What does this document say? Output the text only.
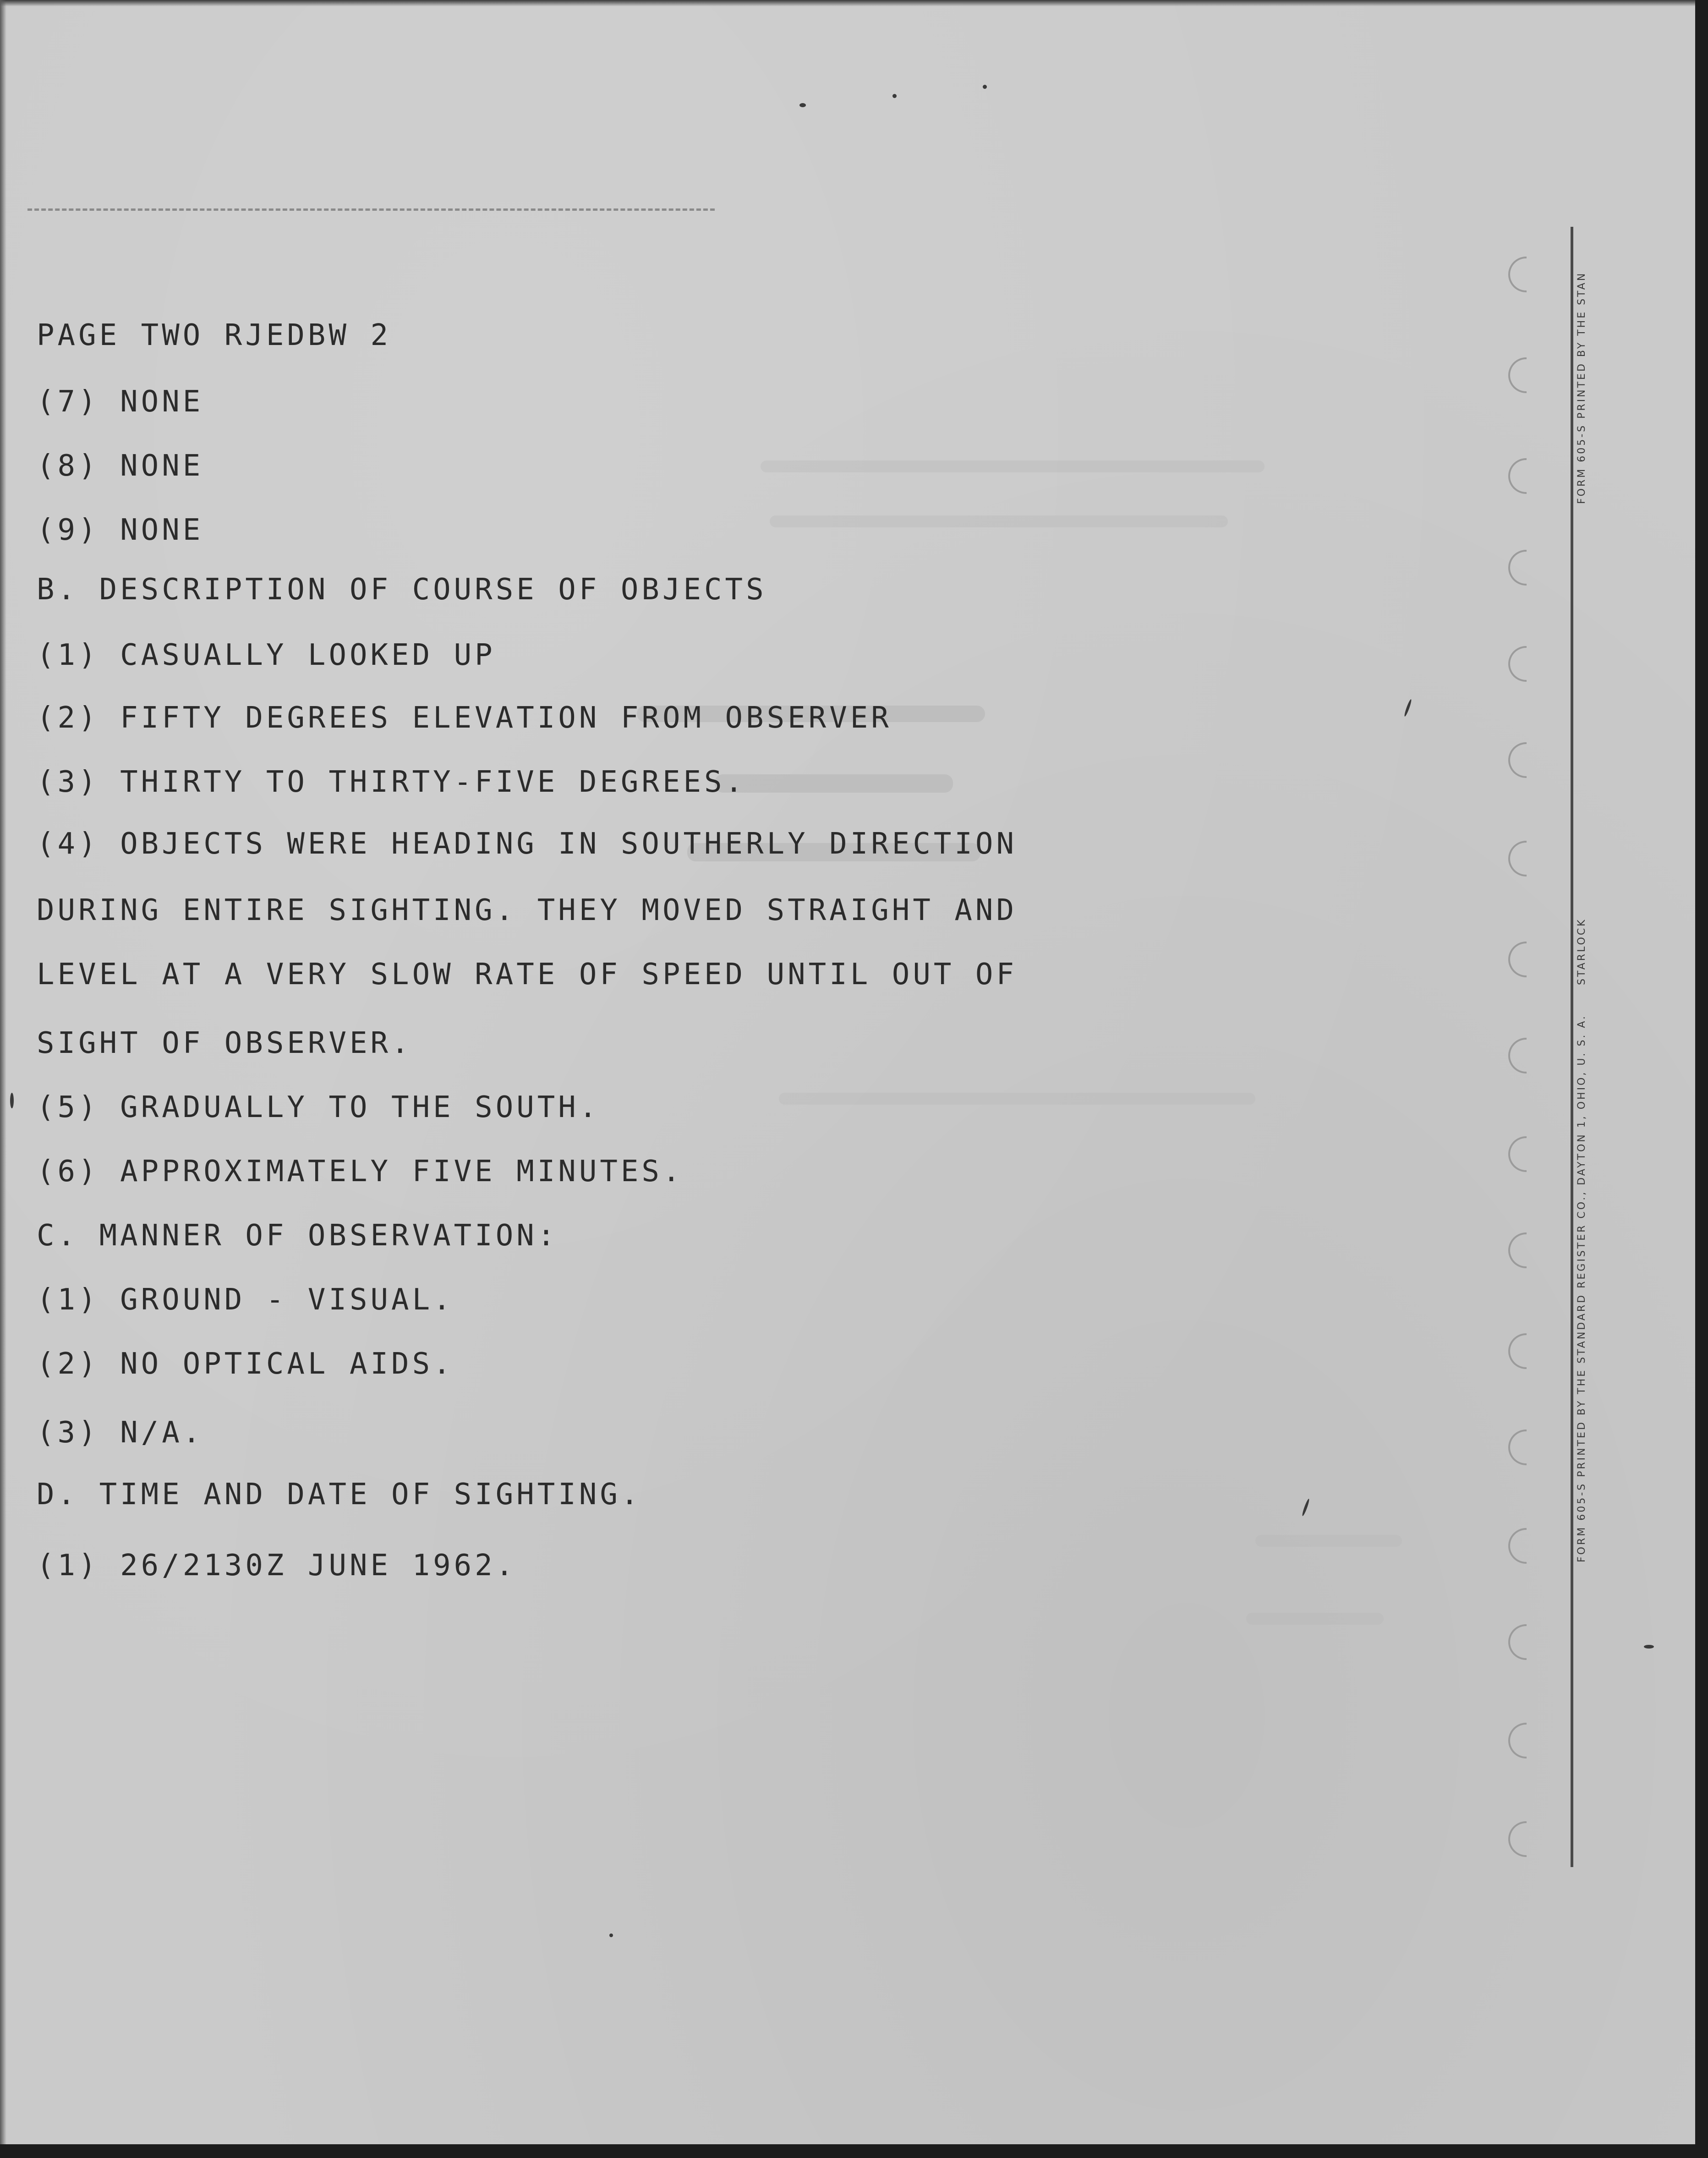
PAGE TWO RJEDBW 2

(7) NONE

(8) NONE

(9) NONE

B. DESCRIPTION OF COURSE OF OBJECTS

(1) CASUALLY LOOKED UP

(2) FIFTY DEGREES ELEVATION FROM OBSERVER

(3) THIRTY TO THIRTY-FIVE DEGREES.

(4) OBJECTS WERE HEADING IN SOUTHERLY DIRECTION

DURING ENTIRE SIGHTING. THEY MOVED STRAIGHT AND

LEVEL AT A VERY SLOW RATE OF SPEED UNTIL OUT OF

SIGHT OF OBSERVER.

(5) GRADUALLY TO THE SOUTH.

(6) APPROXIMATELY FIVE MINUTES.

C. MANNER OF OBSERVATION:

(1) GROUND - VISUAL.

(2) NO OPTICAL AIDS.

(3) N/A.

D. TIME AND DATE OF SIGHTING.

(1) 26/2130Z JUNE 1962.

FORM 605-S PRINTED BY THE STAN
STARLOCK
FORM 605-S PRINTED BY THE STANDARD REGISTER CO., DAYTON 1, OHIO, U. S. A.
